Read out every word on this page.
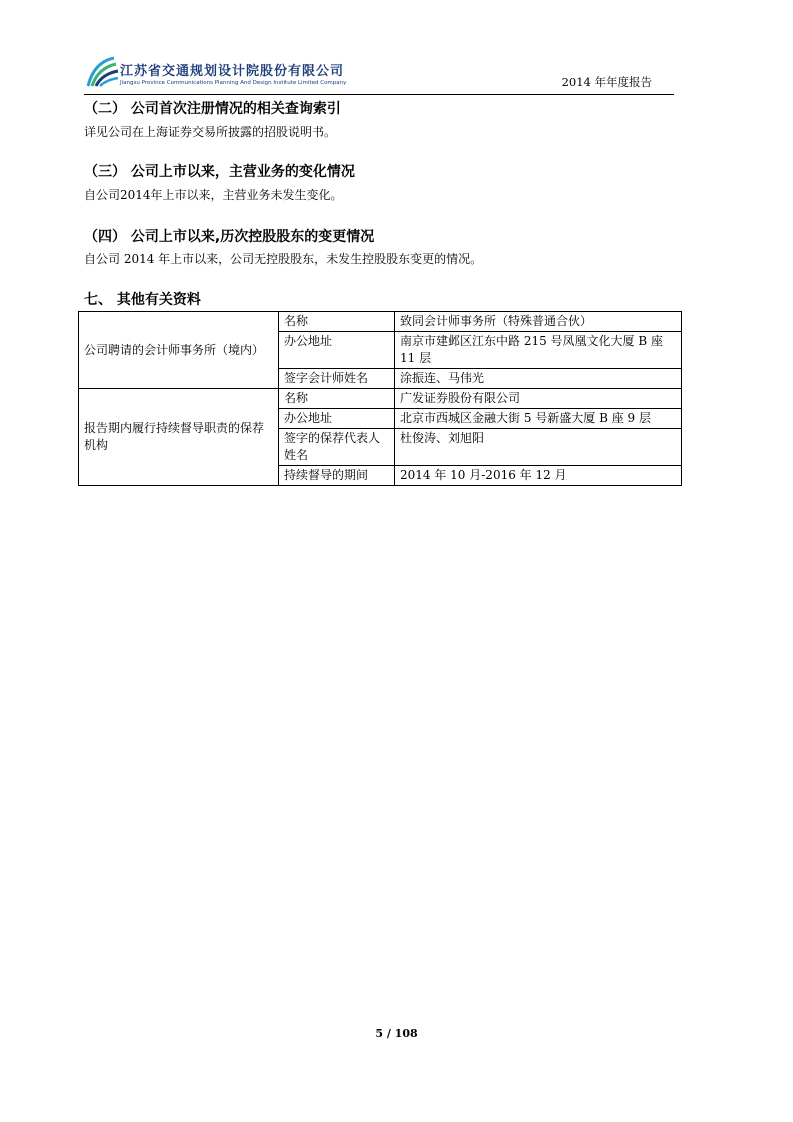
江苏省交通规划设计院股份有限公司
Jiangsu Province Communications Planning And Design Institute Limited Company	2014 年年度报告
（二） 公司首次注册情况的相关查询索引
详见公司在上海证券交易所披露的招股说明书。
（三） 公司上市以来，主营业务的变化情况
自公司2014年上市以来，主营业务未发生变化。
（四） 公司上市以来,历次控股股东的变更情况
自公司 2014 年上市以来，公司无控股股东，未发生控股股东变更的情况。
七、 其他有关资料
公司聘请的会计师事务所（境内）	名称	致同会计师事务所（特殊普通合伙）
	办公地址	南京市建邺区江东中路 215 号凤凰文化大厦 B 座 11 层
	签字会计师姓名	涂振连、马伟光
报告期内履行持续督导职责的保荐机构	名称	广发证券股份有限公司
	办公地址	北京市西城区金融大街 5 号新盛大厦 B 座 9 层
	签字的保荐代表人姓名	杜俊涛、刘旭阳
	持续督导的期间	2014 年 10 月-2016 年 12 月
5 / 108
